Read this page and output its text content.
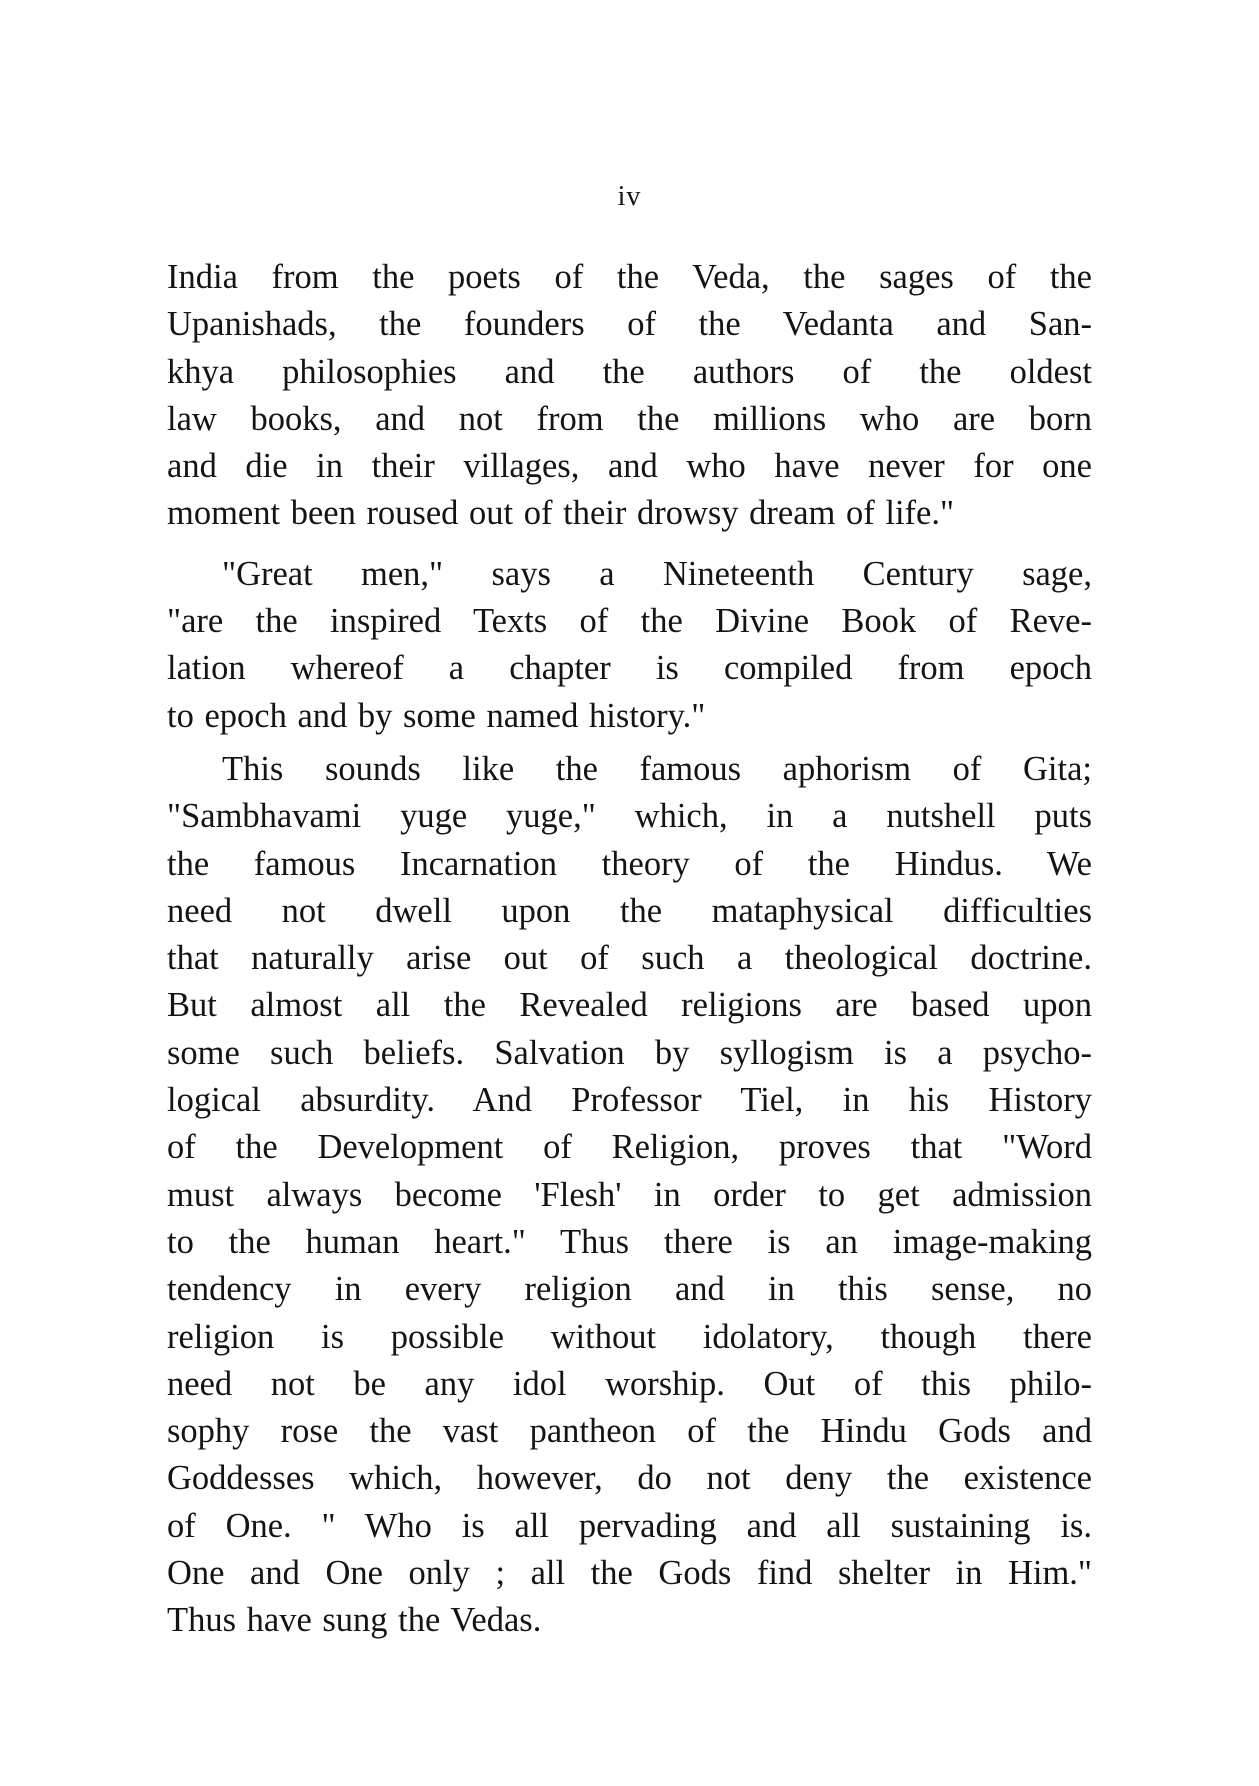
iv
India from the poets of the Veda, the sages of the
Upanishads, the founders of the Vedanta and San-
khya philosophies and the authors of the oldest
law books, and not from the millions who are born
and die in their villages, and who have never for one
moment been roused out of their drowsy dream of life."
"Great men," says a Nineteenth Century sage,
"are the inspired Texts of the Divine Book of Reve-
lation whereof a chapter is compiled from epoch
to epoch and by some named history."
This sounds like the famous aphorism of Gita;
"Sambhavami yuge yuge," which, in a nutshell puts
the famous Incarnation theory of the Hindus. We
need not dwell upon the mataphysical difficulties
that naturally arise out of such a theological doctrine.
But almost all the Revealed religions are based upon
some such beliefs. Salvation by syllogism is a psycho-
logical absurdity. And Professor Tiel, in his History
of the Development of Religion, proves that "Word
must always become 'Flesh' in order to get admission
to the human heart." Thus there is an image-making
tendency in every religion and in this sense, no
religion is possible without idolatory, though there
need not be any idol worship. Out of this philo-
sophy rose the vast pantheon of the Hindu Gods and
Goddesses which, however, do not deny the existence
of One. " Who is all pervading and all sustaining is.
One and One only ; all the Gods find shelter in Him."
Thus have sung the Vedas.
